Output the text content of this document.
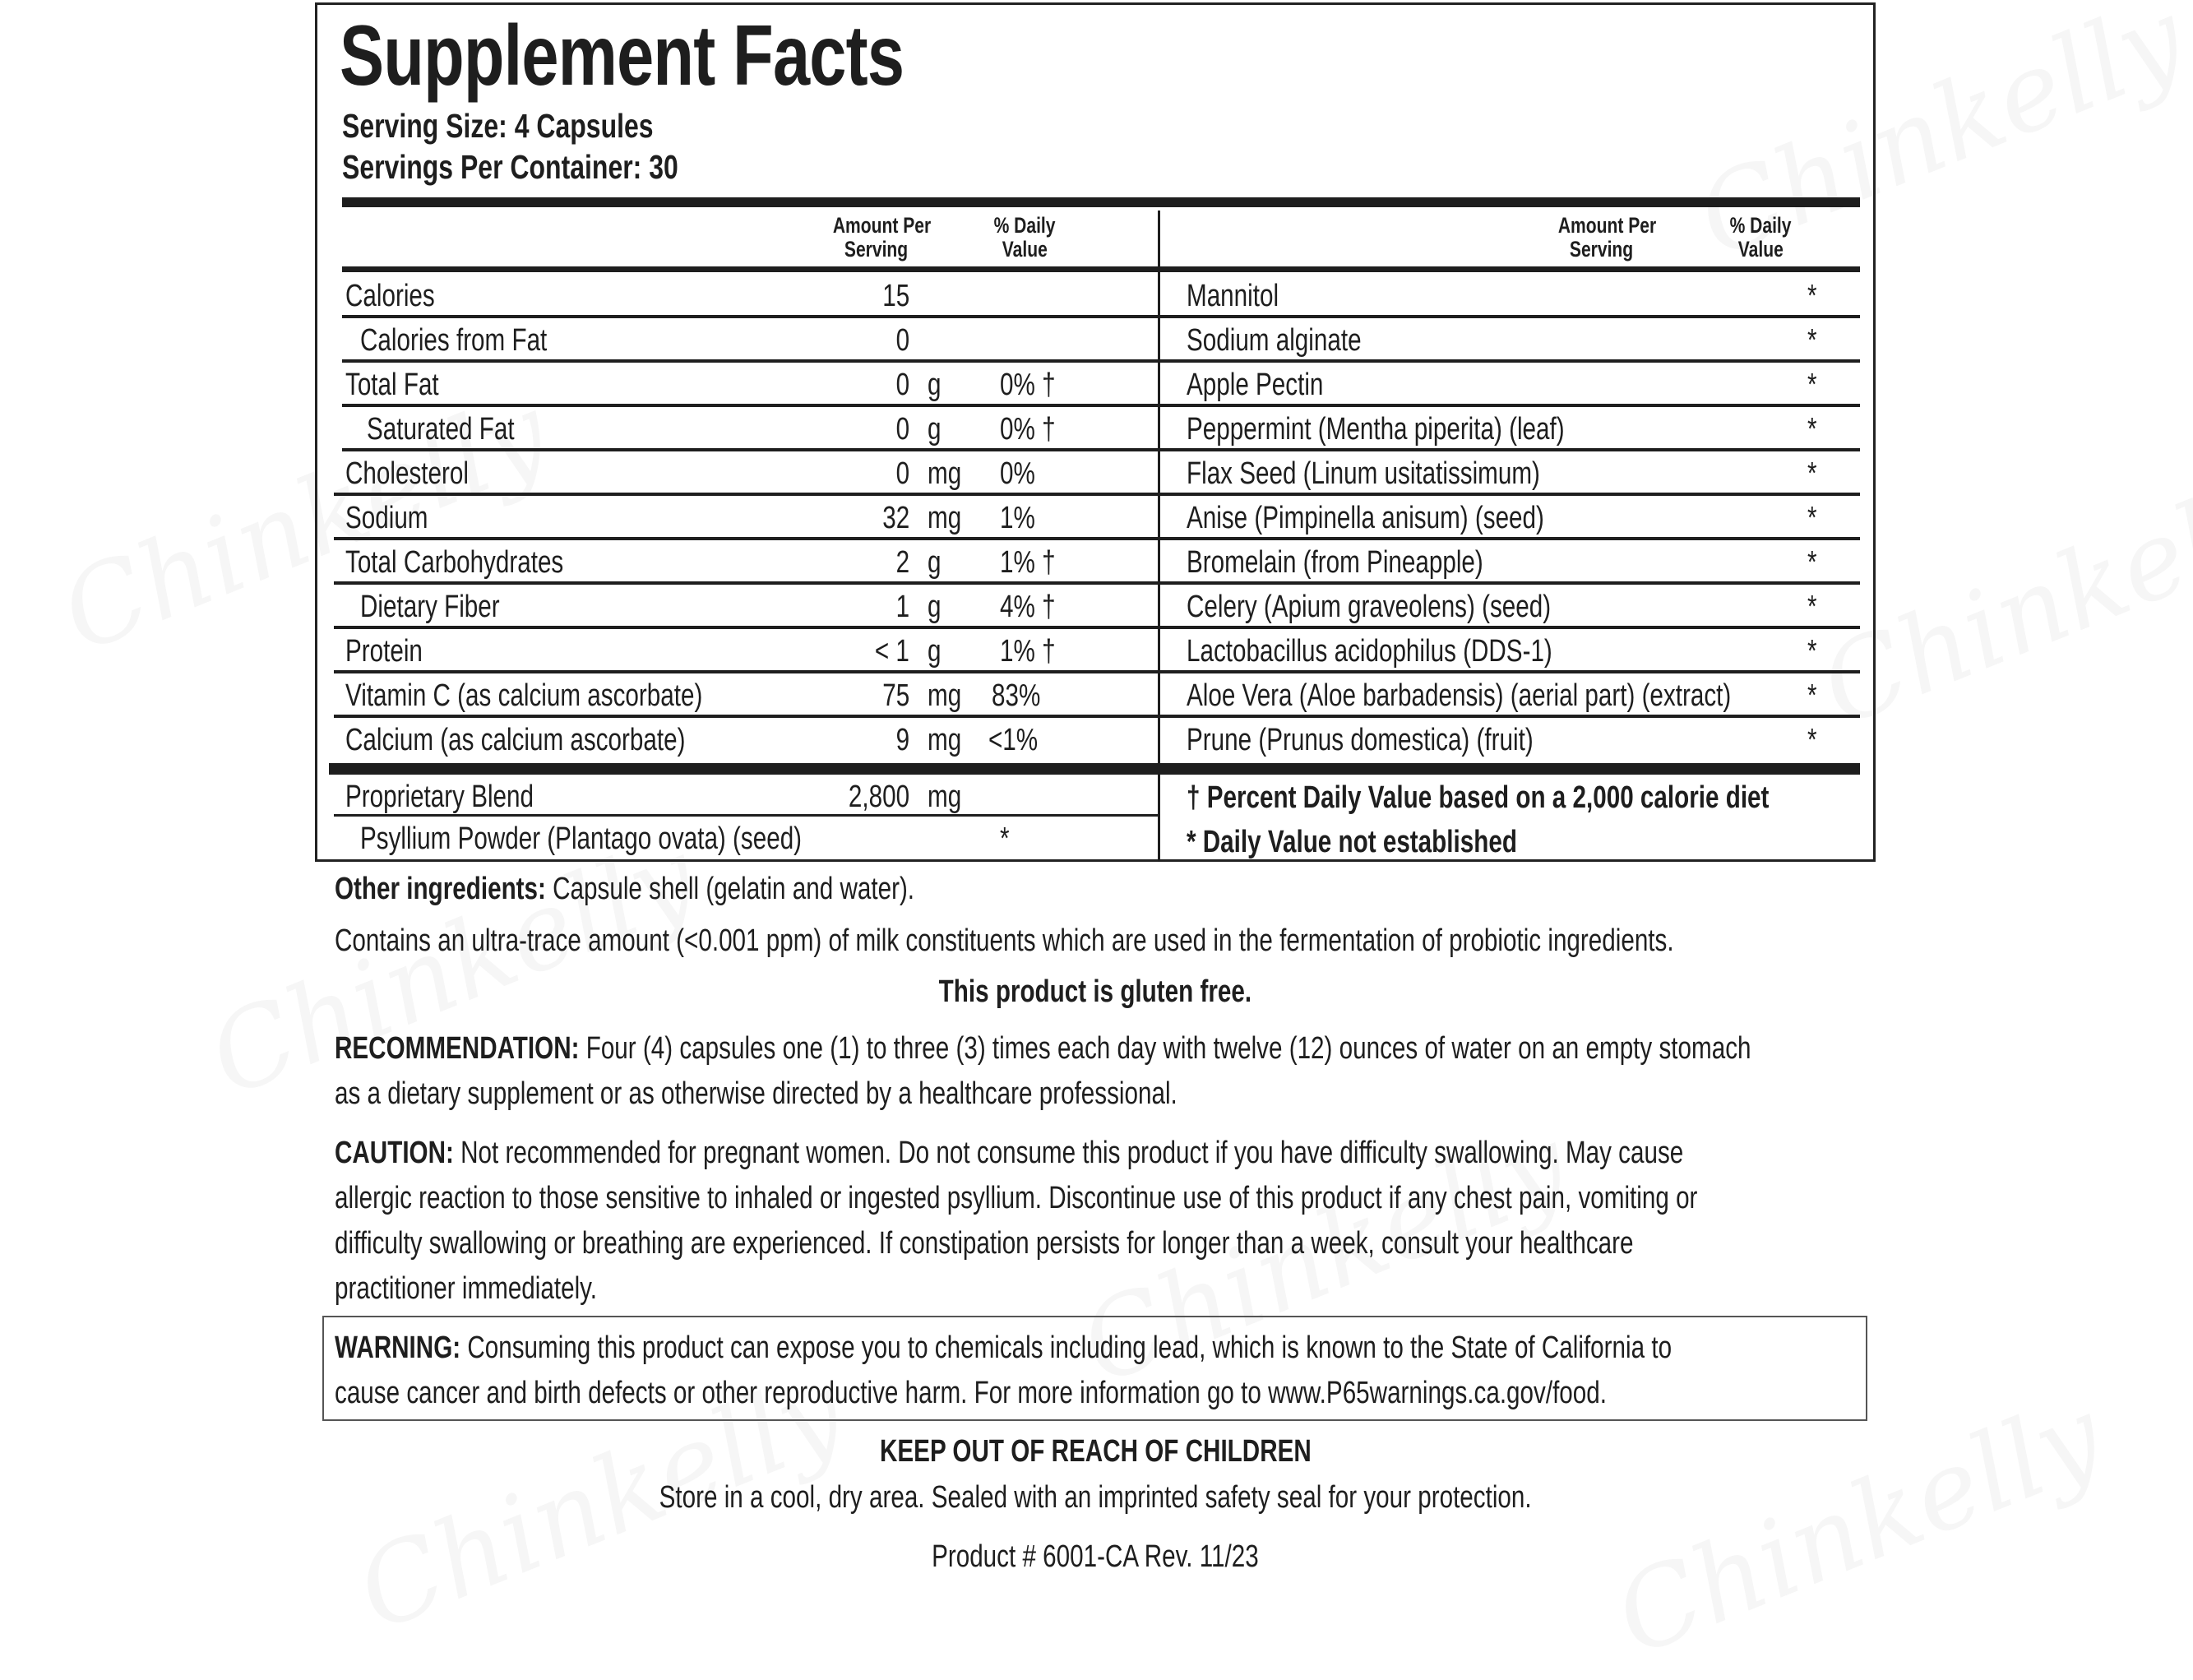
Supplement Facts
Serving Size: 4 Capsules
Servings Per Container: 30
Amount Per
Serving
% Daily
Value
Amount Per
Serving
% Daily
Value
Calories	15
Calories from Fat	0
Total Fat	0 g 0% †
Saturated Fat	0 g 0% †
Cholesterol	0 mg	0%
Sodium	32 mg	1%
Total Carbohydrates	2 g 1% †
Dietary Fiber	1 g 4% †
Protein	< 1 g 1% †
Vitamin C (as calcium ascorbate)	75 mg 83%
Calcium (as calcium ascorbate)	9 mg <1%
Proprietary Blend	2,800 mg
Psyllium Powder (Plantago ovata) (seed)	*
Mannitol	*
Sodium alginate	*
Apple Pectin	*
Peppermint (Mentha piperita) (leaf)	*
Flax Seed (Linum usitatissimum)	*
Anise (Pimpinella anisum) (seed)	*
Bromelain (from Pineapple)	*
Celery (Apium graveolens) (seed)	*
Lactobacillus acidophilus (DDS-1)	*
Aloe Vera (Aloe barbadensis) (aerial part) (extract)	*
Prune (Prunus domestica) (fruit)	*
† Percent Daily Value based on a 2,000 calorie diet
* Daily Value not established
Other ingredients: Capsule shell (gelatin and water).
Contains an ultra-trace amount (<0.001 ppm) of milk constituents which are used in the fermentation of probiotic ingredients.
This product is gluten free.
RECOMMENDATION: Four (4) capsules one (1) to three (3) times each day with twelve (12) ounces of water on an empty stomach
as a dietary supplement or as otherwise directed by a healthcare professional.
CAUTION: Not recommended for pregnant women. Do not consume this product if you have difficulty swallowing. May cause
allergic reaction to those sensitive to inhaled or ingested psyllium. Discontinue use of this product if any chest pain, vomiting or
difficulty swallowing or breathing are experienced. If constipation persists for longer than a week, consult your healthcare
practitioner immediately.
WARNING: Consuming this product can expose you to chemicals including lead, which is known to the State of California to
cause cancer and birth defects or other reproductive harm. For more information go to www.P65warnings.ca.gov/food.
KEEP OUT OF REACH OF CHILDREN
Store in a cool, dry area. Sealed with an imprinted safety seal for your protection.
Product # 6001-CA Rev. 11/23
